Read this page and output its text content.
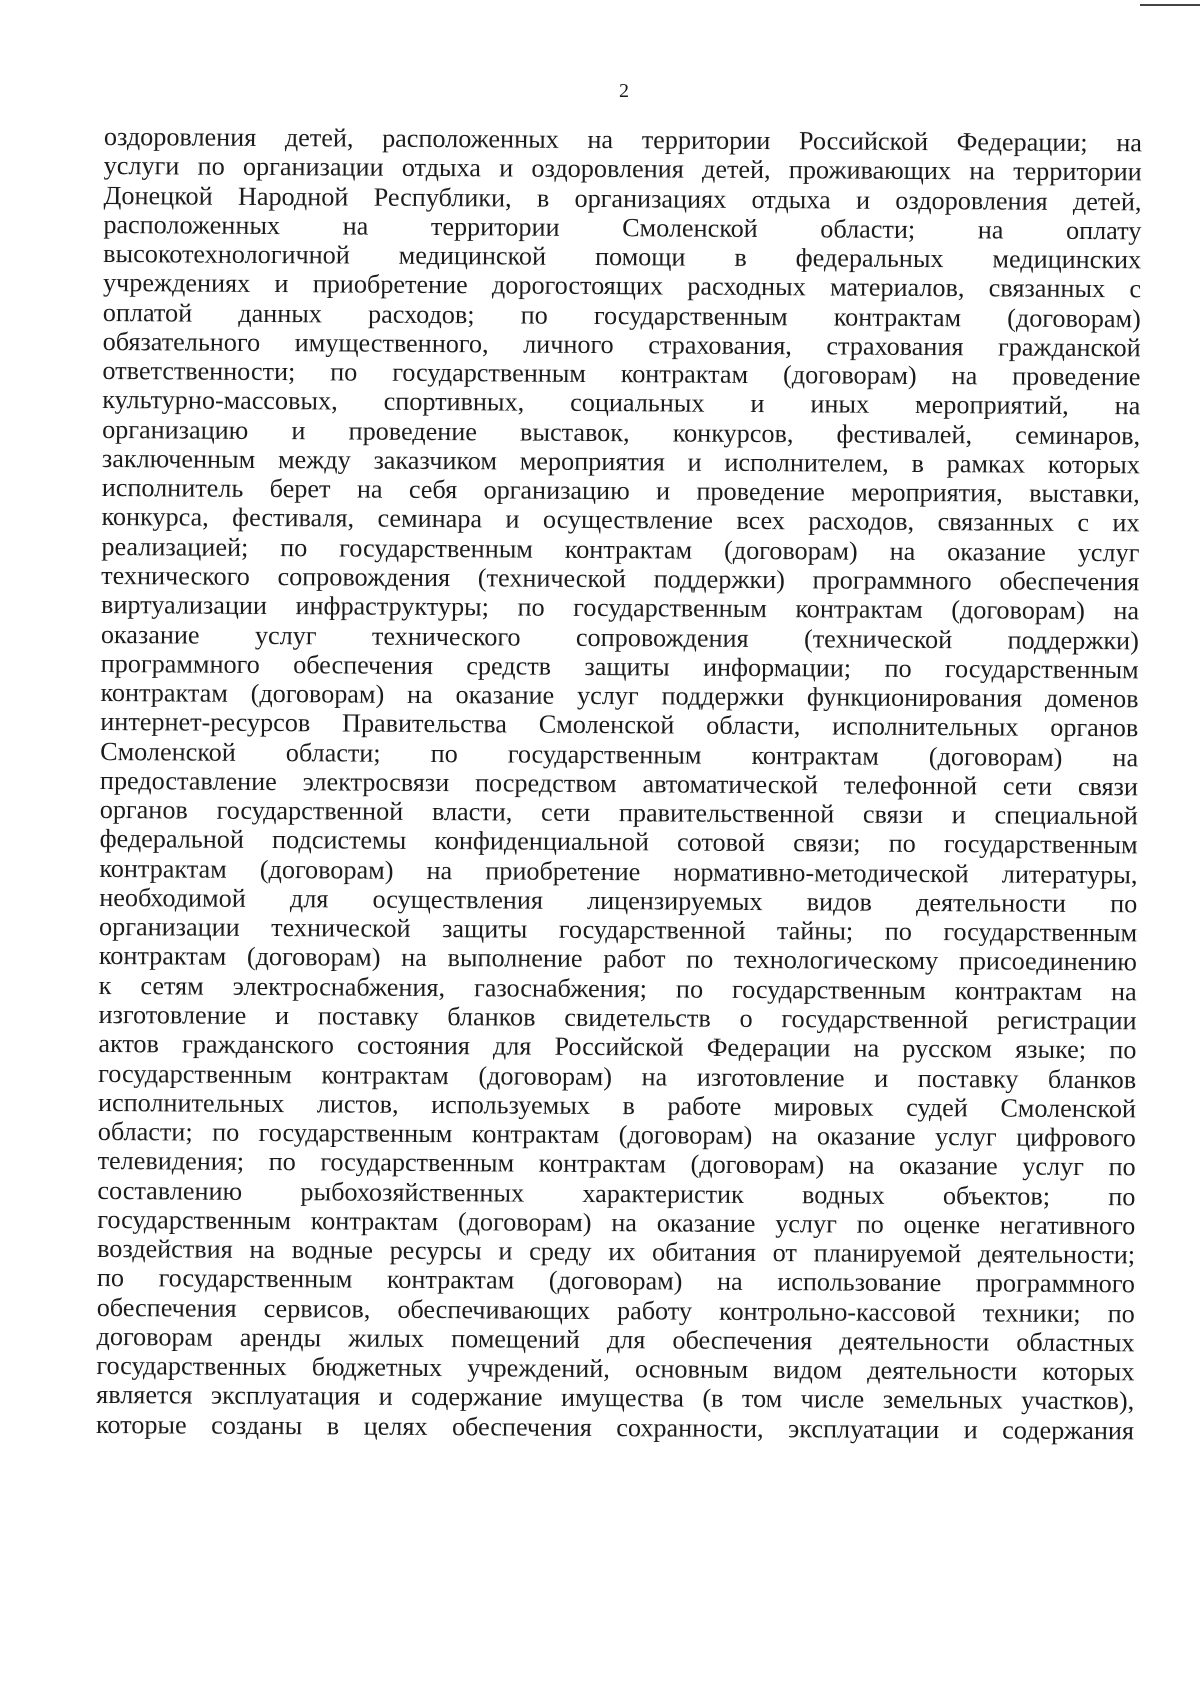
2
оздоровления детей, расположенных на территории Российской Федерации; на
услуги по организации отдыха и оздоровления детей, проживающих на территории
Донецкой Народной Республики, в организациях отдыха и оздоровления детей,
расположенных на территории Смоленской области; на оплату
высокотехнологичной медицинской помощи в федеральных медицинских
учреждениях и приобретение дорогостоящих расходных материалов, связанных с
оплатой данных расходов; по государственным контрактам (договорам)
обязательного имущественного, личного страхования, страхования гражданской
ответственности; по государственным контрактам (договорам) на проведение
культурно-массовых, спортивных, социальных и иных мероприятий, на
организацию и проведение выставок, конкурсов, фестивалей, семинаров,
заключенным между заказчиком мероприятия и исполнителем, в рамках которых
исполнитель берет на себя организацию и проведение мероприятия, выставки,
конкурса, фестиваля, семинара и осуществление всех расходов, связанных с их
реализацией; по государственным контрактам (договорам) на оказание услуг
технического сопровождения (технической поддержки) программного обеспечения
виртуализации инфраструктуры; по государственным контрактам (договорам) на
оказание услуг технического сопровождения (технической поддержки)
программного обеспечения средств защиты информации; по государственным
контрактам (договорам) на оказание услуг поддержки функционирования доменов
интернет-ресурсов Правительства Смоленской области, исполнительных органов
Смоленской области; по государственным контрактам (договорам) на
предоставление электросвязи посредством автоматической телефонной сети связи
органов государственной власти, сети правительственной связи и специальной
федеральной подсистемы конфиденциальной сотовой связи; по государственным
контрактам (договорам) на приобретение нормативно-методической литературы,
необходимой для осуществления лицензируемых видов деятельности по
организации технической защиты государственной тайны; по государственным
контрактам (договорам) на выполнение работ по технологическому присоединению
к сетям электроснабжения, газоснабжения; по государственным контрактам на
изготовление и поставку бланков свидетельств о государственной регистрации
актов гражданского состояния для Российской Федерации на русском языке; по
государственным контрактам (договорам) на изготовление и поставку бланков
исполнительных листов, используемых в работе мировых судей Смоленской
области; по государственным контрактам (договорам) на оказание услуг цифрового
телевидения; по государственным контрактам (договорам) на оказание услуг по
составлению рыбохозяйственных характеристик водных объектов; по
государственным контрактам (договорам) на оказание услуг по оценке негативного
воздействия на водные ресурсы и среду их обитания от планируемой деятельности;
по государственным контрактам (договорам) на использование программного
обеспечения сервисов, обеспечивающих работу контрольно-кассовой техники; по
договорам аренды жилых помещений для обеспечения деятельности областных
государственных бюджетных учреждений, основным видом деятельности которых
является эксплуатация и содержание имущества (в том числе земельных участков),
которые созданы в целях обеспечения сохранности, эксплуатации и содержания
